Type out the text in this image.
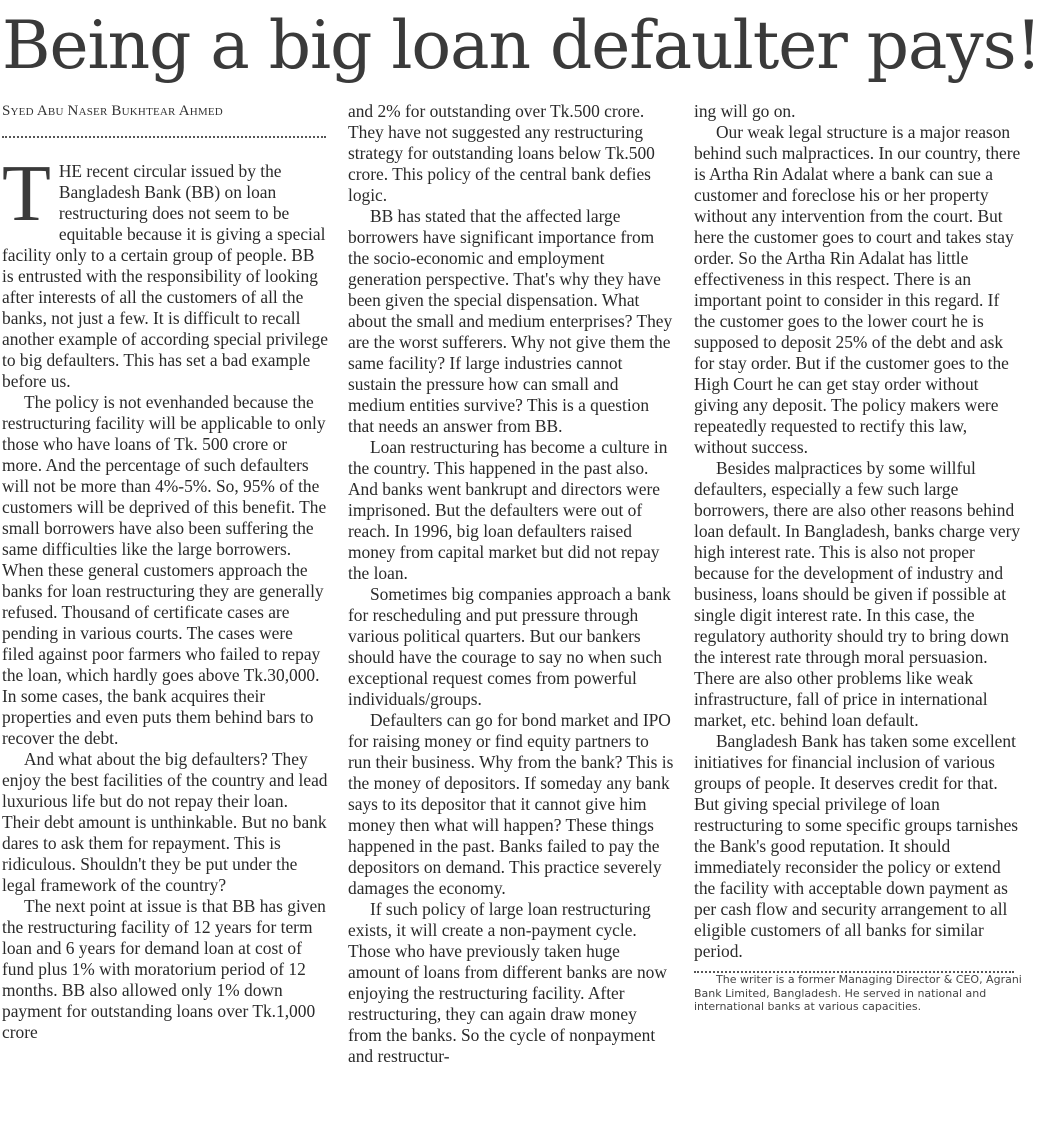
Being a big loan defaulter pays!
Syed Abu Naser Bukhtear Ahmed

THE recent circular issued by the Bangladesh Bank (BB) on loan restructuring does not seem to be equitable because it is giving a special facility only to a certain group of people. BB is entrusted with the responsibility of looking after interests of all the customers of all the banks, not just a few. It is difficult to recall another example of according special privilege to big defaulters. This has set a bad example before us.

The policy is not evenhanded because the restructuring facility will be applicable to only those who have loans of Tk. 500 crore or more. And the percentage of such defaulters will not be more than 4%-5%. So, 95% of the customers will be deprived of this benefit. The small borrowers have also been suffering the same difficulties like the large borrowers. When these general customers approach the banks for loan restructuring they are generally refused. Thousand of certificate cases are pending in various courts. The cases were filed against poor farmers who failed to repay the loan, which hardly goes above Tk.30,000. In some cases, the bank acquires their properties and even puts them behind bars to recover the debt.

And what about the big defaulters? They enjoy the best facilities of the country and lead luxurious life but do not repay their loan. Their debt amount is unthinkable. But no bank dares to ask them for repayment. This is ridiculous. Shouldn't they be put under the legal framework of the country?

The next point at issue is that BB has given the restructuring facility of 12 years for term loan and 6 years for demand loan at cost of fund plus 1% with moratorium period of 12 months. BB also allowed only 1% down payment for outstanding loans over Tk.1,000 crore

and 2% for outstanding over Tk.500 crore. They have not suggested any restructuring strategy for outstanding loans below Tk.500 crore. This policy of the central bank defies logic.

BB has stated that the affected large borrowers have significant importance from the socio-economic and employment generation perspective. That's why they have been given the special dispensation. What about the small and medium enterprises? They are the worst sufferers. Why not give them the same facility? If large industries cannot sustain the pressure how can small and medium entities survive? This is a question that needs an answer from BB.

Loan restructuring has become a culture in the country. This happened in the past also. And banks went bankrupt and directors were imprisoned. But the defaulters were out of reach. In 1996, big loan defaulters raised money from capital market but did not repay the loan.

Sometimes big companies approach a bank for rescheduling and put pressure through various political quarters. But our bankers should have the courage to say no when such exceptional request comes from powerful individuals/groups.

Defaulters can go for bond market and IPO for raising money or find equity partners to run their business. Why from the bank? This is the money of depositors. If someday any bank says to its depositor that it cannot give him money then what will happen? These things happened in the past. Banks failed to pay the depositors on demand. This practice severely damages the economy.

If such policy of large loan restructuring exists, it will create a non-payment cycle. Those who have previously taken huge amount of loans from different banks are now enjoying the restructuring facility. After restructuring, they can again draw money from the banks. So the cycle of nonpayment and restructur-

ing will go on.

Our weak legal structure is a major reason behind such malpractices. In our country, there is Artha Rin Adalat where a bank can sue a customer and foreclose his or her property without any intervention from the court. But here the customer goes to court and takes stay order. So the Artha Rin Adalat has little effectiveness in this respect. There is an important point to consider in this regard. If the customer goes to the lower court he is supposed to deposit 25% of the debt and ask for stay order. But if the customer goes to the High Court he can get stay order without giving any deposit. The policy makers were repeatedly requested to rectify this law, without success.

Besides malpractices by some willful defaulters, especially a few such large borrowers, there are also other reasons behind loan default. In Bangladesh, banks charge very high interest rate. This is also not proper because for the development of industry and business, loans should be given if possible at single digit interest rate. In this case, the regulatory authority should try to bring down the interest rate through moral persuasion. There are also other problems like weak infrastructure, fall of price in international market, etc. behind loan default.

Bangladesh Bank has taken some excellent initiatives for financial inclusion of various groups of people. It deserves credit for that. But giving special privilege of loan restructuring to some specific groups tarnishes the Bank's good reputation. It should immediately reconsider the policy or extend the facility with acceptable down payment as per cash flow and security arrangement to all eligible customers of all banks for similar period.

The writer is a former Managing Director & CEO, Agrani Bank Limited, Bangladesh. He served in national and international banks at various capacities.
